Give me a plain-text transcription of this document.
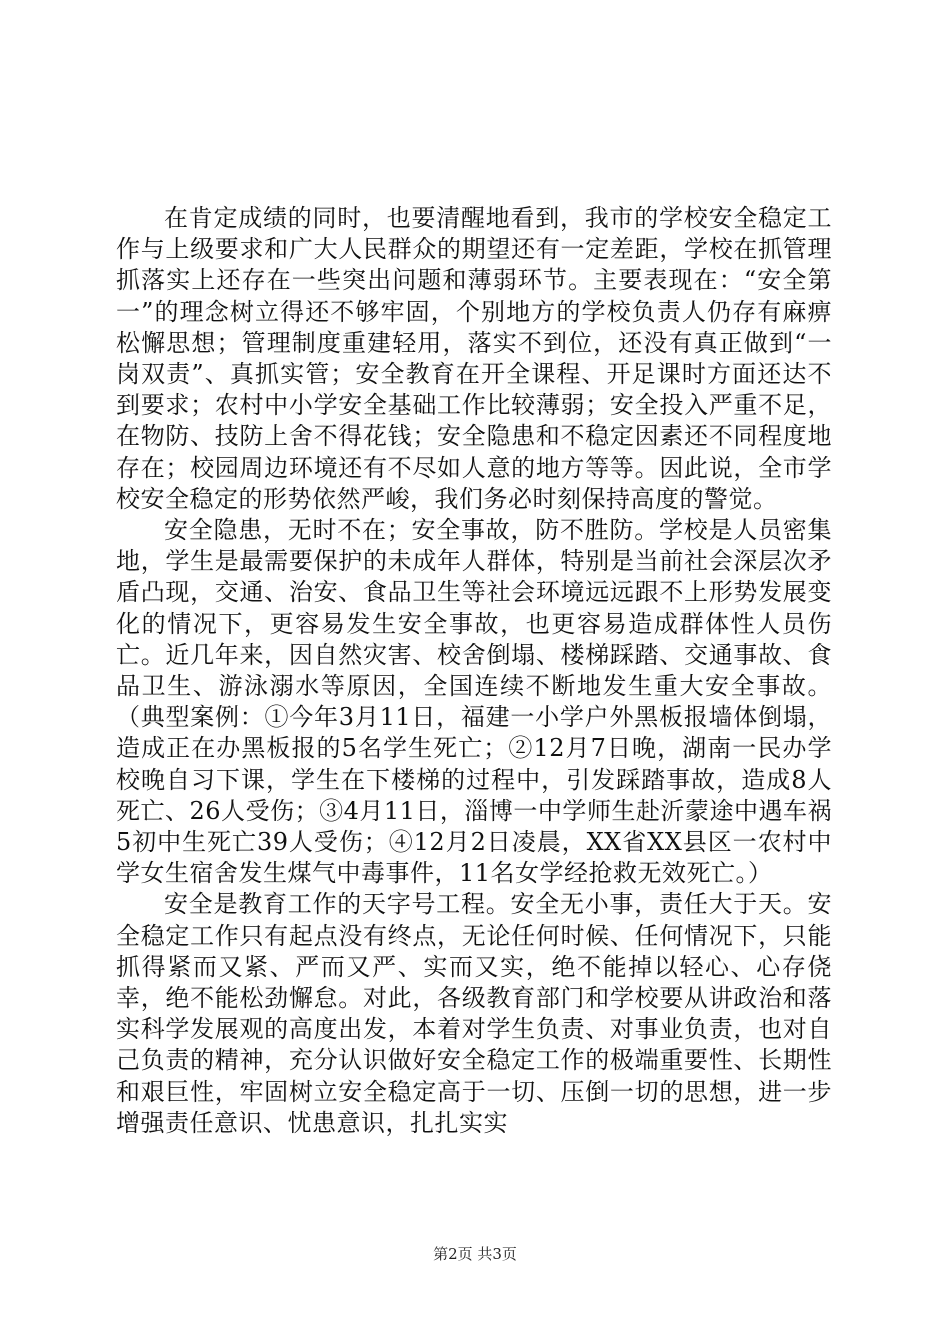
在肯定成绩的同时，也要清醒地看到，我市的学校安全稳定工作与上级要求和广大人民群众的期望还有一定差距，学校在抓管理抓落实上还存在一些突出问题和薄弱环节。主要表现在：“安全第一”的理念树立得还不够牢固，个别地方的学校负责人仍存有麻痹松懈思想；管理制度重建轻用，落实不到位，还没有真正做到“一岗双责”、真抓实管；安全教育在开全课程、开足课时方面还达不到要求；农村中小学安全基础工作比较薄弱；安全投入严重不足，在物防、技防上舍不得花钱；安全隐患和不稳定因素还不同程度地存在；校园周边环境还有不尽如人意的地方等等。因此说，全市学校安全稳定的形势依然严峻，我们务必时刻保持高度的警觉。

安全隐患，无时不在；安全事故，防不胜防。学校是人员密集地，学生是最需要保护的未成年人群体，特别是当前社会深层次矛盾凸现，交通、治安、食品卫生等社会环境远远跟不上形势发展变化的情况下，更容易发生安全事故，也更容易造成群体性人员伤亡。近几年来，因自然灾害、校舍倒塌、楼梯踩踏、交通事故、食品卫生、游泳溺水等原因，全国连续不断地发生重大安全事故。（典型案例：①今年3月11日，福建一小学户外黑板报墙体倒塌，造成正在办黑板报的5名学生死亡；②12月7日晚，湖南一民办学校晚自习下课，学生在下楼梯的过程中，引发踩踏事故，造成8人死亡、26人受伤；③4月11日，淄博一中学师生赴沂蒙途中遇车祸5初中生死亡39人受伤；④12月2日凌晨，XX省XX县区一农村中学女生宿舍发生煤气中毒事件，11名女学经抢救无效死亡。）

安全是教育工作的天字号工程。安全无小事，责任大于天。安全稳定工作只有起点没有终点，无论任何时候、任何情况下，只能抓得紧而又紧、严而又严、实而又实，绝不能掉以轻心、心存侥幸，绝不能松劲懈怠。对此，各级教育部门和学校要从讲政治和落实科学发展观的高度出发，本着对学生负责、对事业负责，也对自己负责的精神，充分认识做好安全稳定工作的极端重要性、长期性和艰巨性，牢固树立安全稳定高于一切、压倒一切的思想，进一步增强责任意识、忧患意识，扎扎实实

第2页 共3页
